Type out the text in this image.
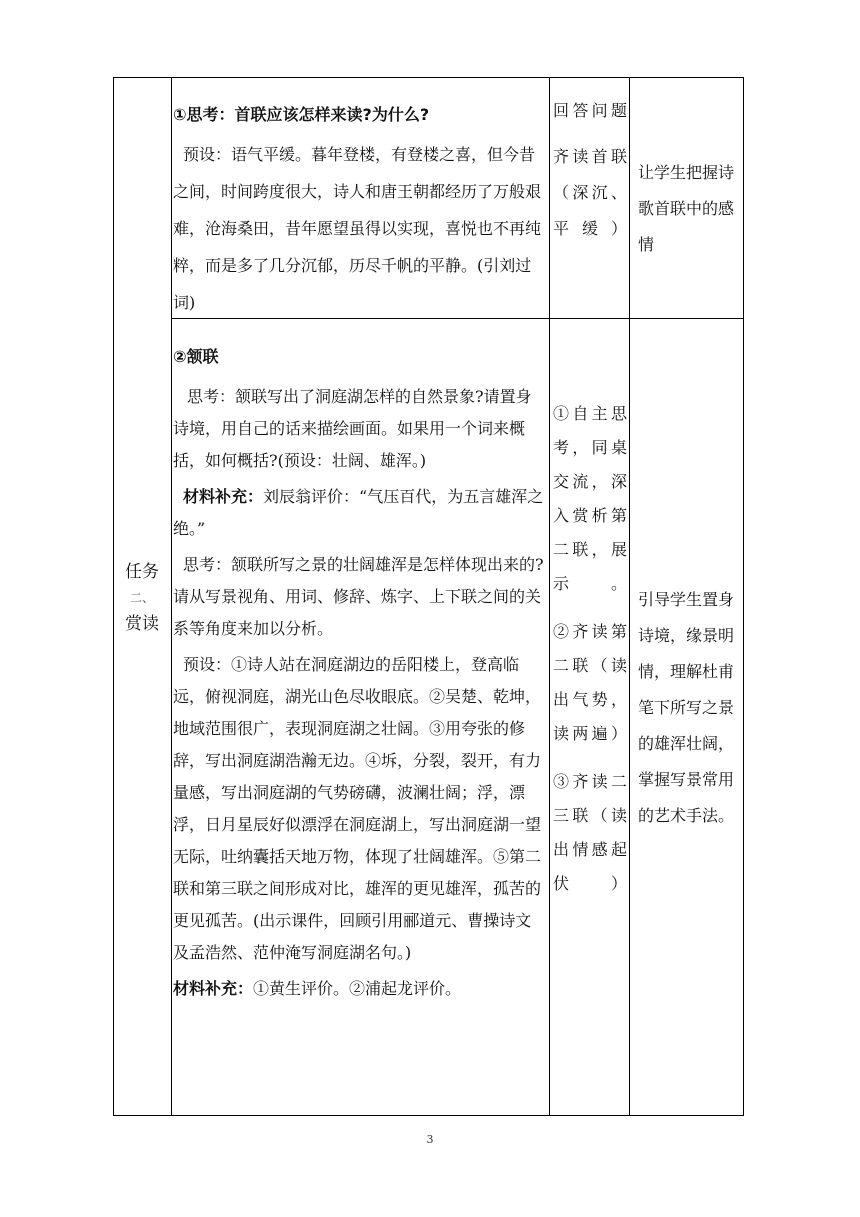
任务
二、
赏读
①思考：首联应该怎样来读?为什么?
预设：语气平缓。暮年登楼，有登楼之喜，但今昔之间，时间跨度很大，诗人和唐王朝都经历了万般艰难，沧海桑田，昔年愿望虽得以实现，喜悦也不再纯粹，而是多了几分沉郁，历尽千帆的平静。(引刘过词)
回答问题
齐读首联（深沉、平缓）
让学生把握诗歌首联中的感情
②颔联
思考：颔联写出了洞庭湖怎样的自然景象?请置身诗境，用自己的话来描绘画面。如果用一个词来概括，如何概括?(预设：壮阔、雄浑。)
材料补充：刘辰翁评价：“气压百代，为五言雄浑之绝。”
思考：颔联所写之景的壮阔雄浑是怎样体现出来的?请从写景视角、用词、修辞、炼字、上下联之间的关系等角度来加以分析。
预设：①诗人站在洞庭湖边的岳阳楼上，登高临远，俯视洞庭，湖光山色尽收眼底。②吴楚、乾坤，地域范围很广，表现洞庭湖之壮阔。③用夸张的修辞，写出洞庭湖浩瀚无边。④坼，分裂，裂开，有力量感，写出洞庭湖的气势磅礴，波澜壮阔；浮，漂浮，日月星辰好似漂浮在洞庭湖上，写出洞庭湖一望无际，吐纳囊括天地万物，体现了壮阔雄浑。⑤第二联和第三联之间形成对比，雄浑的更见雄浑，孤苦的更见孤苦。(出示课件，回顾引用郦道元、曹操诗文及孟浩然、范仲淹写洞庭湖名句。)
材料补充：①黄生评价。②浦起龙评价。
①自主思考，同桌交流，深入赏析第二联，展示。
②齐读第二联（读出气势，读两遍）
③齐读二三联（读出情感起伏）
引导学生置身诗境，缘景明情，理解杜甫笔下所写之景的雄浑壮阔，掌握写景常用的艺术手法。
3
